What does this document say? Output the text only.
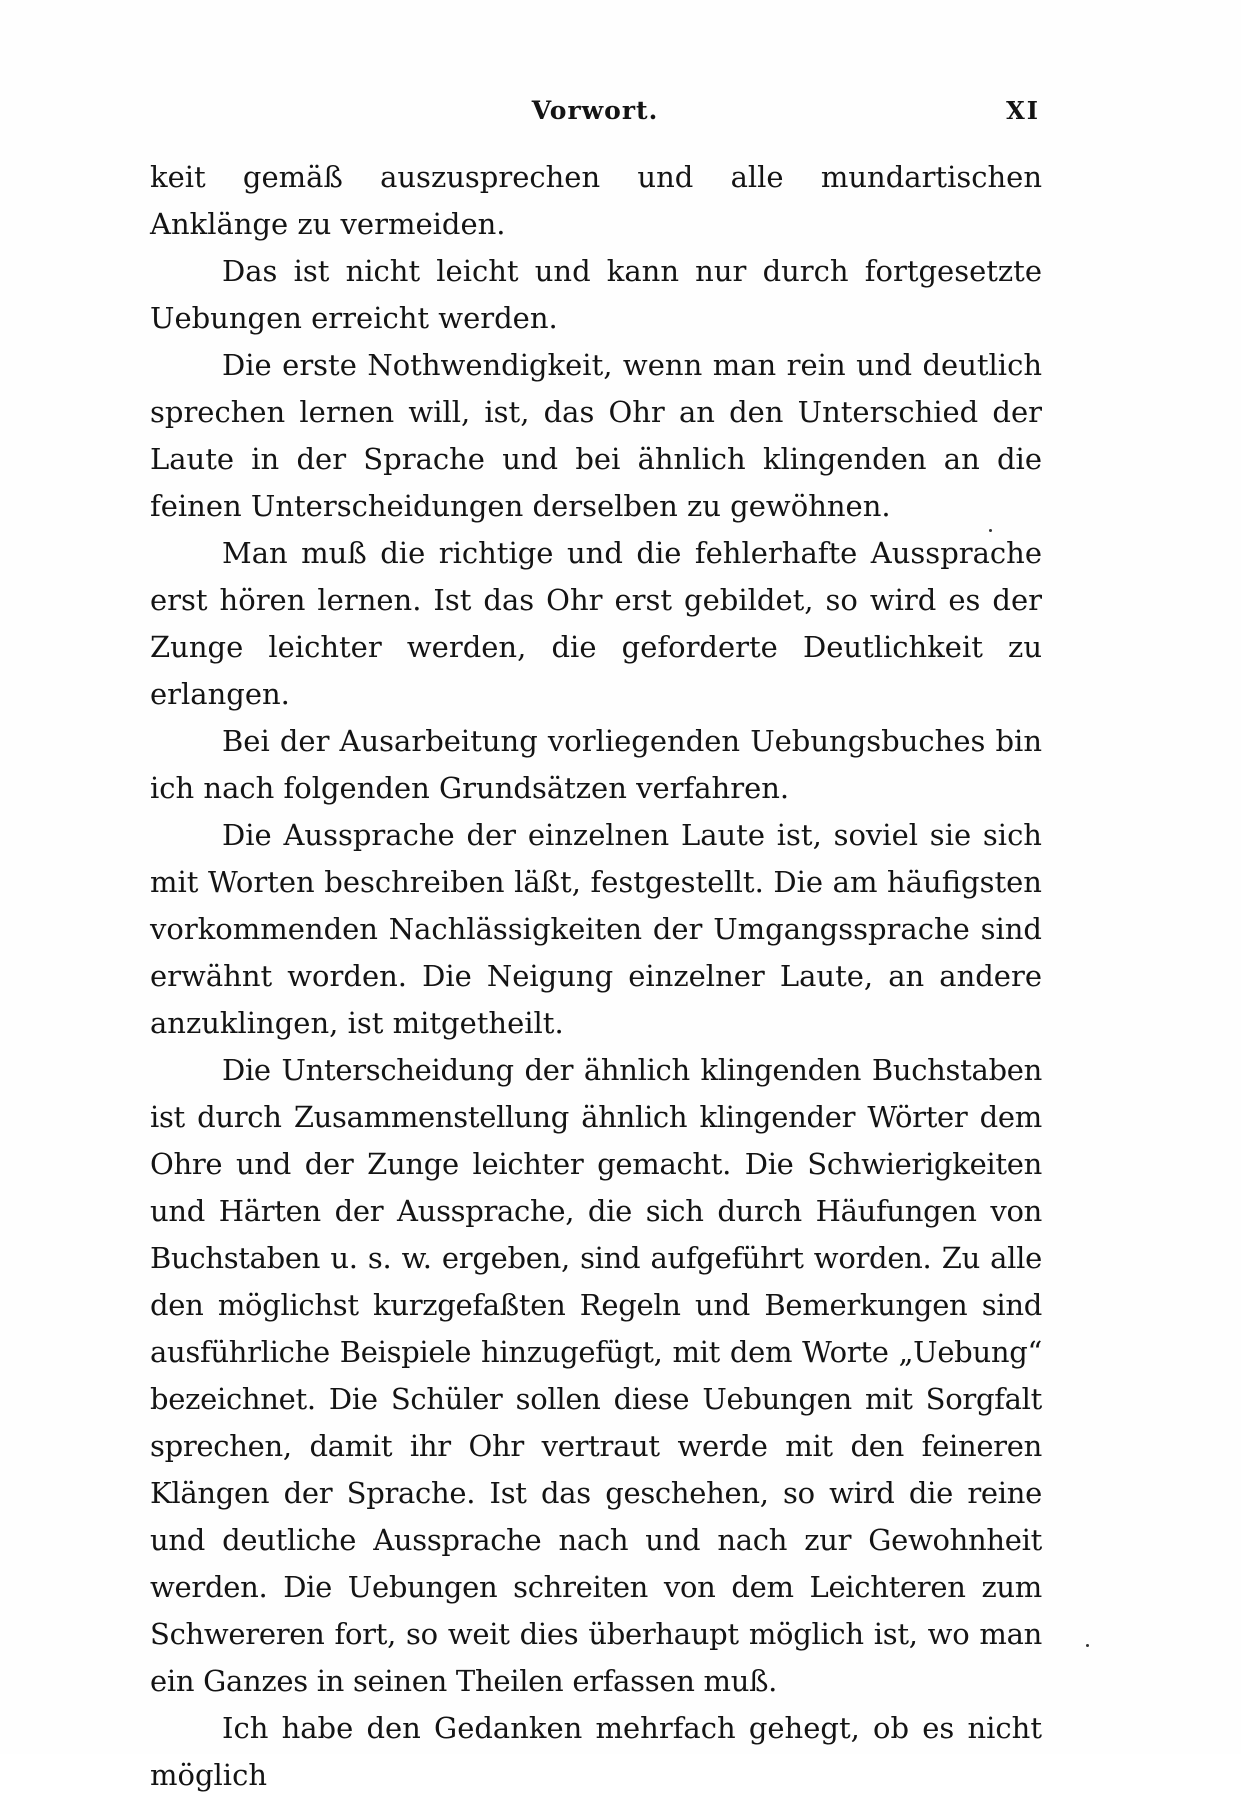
Vorwort.	XI

keit gemäß auszusprechen und alle mundartischen Anklänge zu vermeiden.

Das ist nicht leicht und kann nur durch fortgesetzte Uebungen erreicht werden.

Die erste Nothwendigkeit, wenn man rein und deutlich sprechen lernen will, ist, das Ohr an den Unterschied der Laute in der Sprache und bei ähnlich klingenden an die feinen Unterscheidungen derselben zu gewöhnen.

Man muß die richtige und die fehlerhafte Aussprache erst hören lernen. Ist das Ohr erst gebildet, so wird es der Zunge leichter werden, die geforderte Deutlichkeit zu erlangen.

Bei der Ausarbeitung vorliegenden Uebungsbuches bin ich nach folgenden Grundsätzen verfahren.

Die Aussprache der einzelnen Laute ist, soviel sie sich mit Worten beschreiben läßt, festgestellt. Die am häufigsten vorkommenden Nachlässigkeiten der Umgangssprache sind erwähnt worden. Die Neigung einzelner Laute, an andere anzuklingen, ist mitgetheilt.

Die Unterscheidung der ähnlich klingenden Buchstaben ist durch Zusammenstellung ähnlich klingender Wörter dem Ohre und der Zunge leichter gemacht. Die Schwierigkeiten und Härten der Aussprache, die sich durch Häufungen von Buchstaben u. s. w. ergeben, sind aufgeführt worden. Zu alle den möglichst kurzgefaßten Regeln und Bemerkungen sind ausführliche Beispiele hinzugefügt, mit dem Worte „Uebung“ bezeichnet. Die Schüler sollen diese Uebungen mit Sorgfalt sprechen, damit ihr Ohr vertraut werde mit den feineren Klängen der Sprache. Ist das geschehen, so wird die reine und deutliche Aussprache nach und nach zur Gewohnheit werden. Die Uebungen schreiten von dem Leichteren zum Schwereren fort, so weit dies überhaupt möglich ist, wo man ein Ganzes in seinen Theilen erfassen muß.

Ich habe den Gedanken mehrfach gehegt, ob es nicht möglich
